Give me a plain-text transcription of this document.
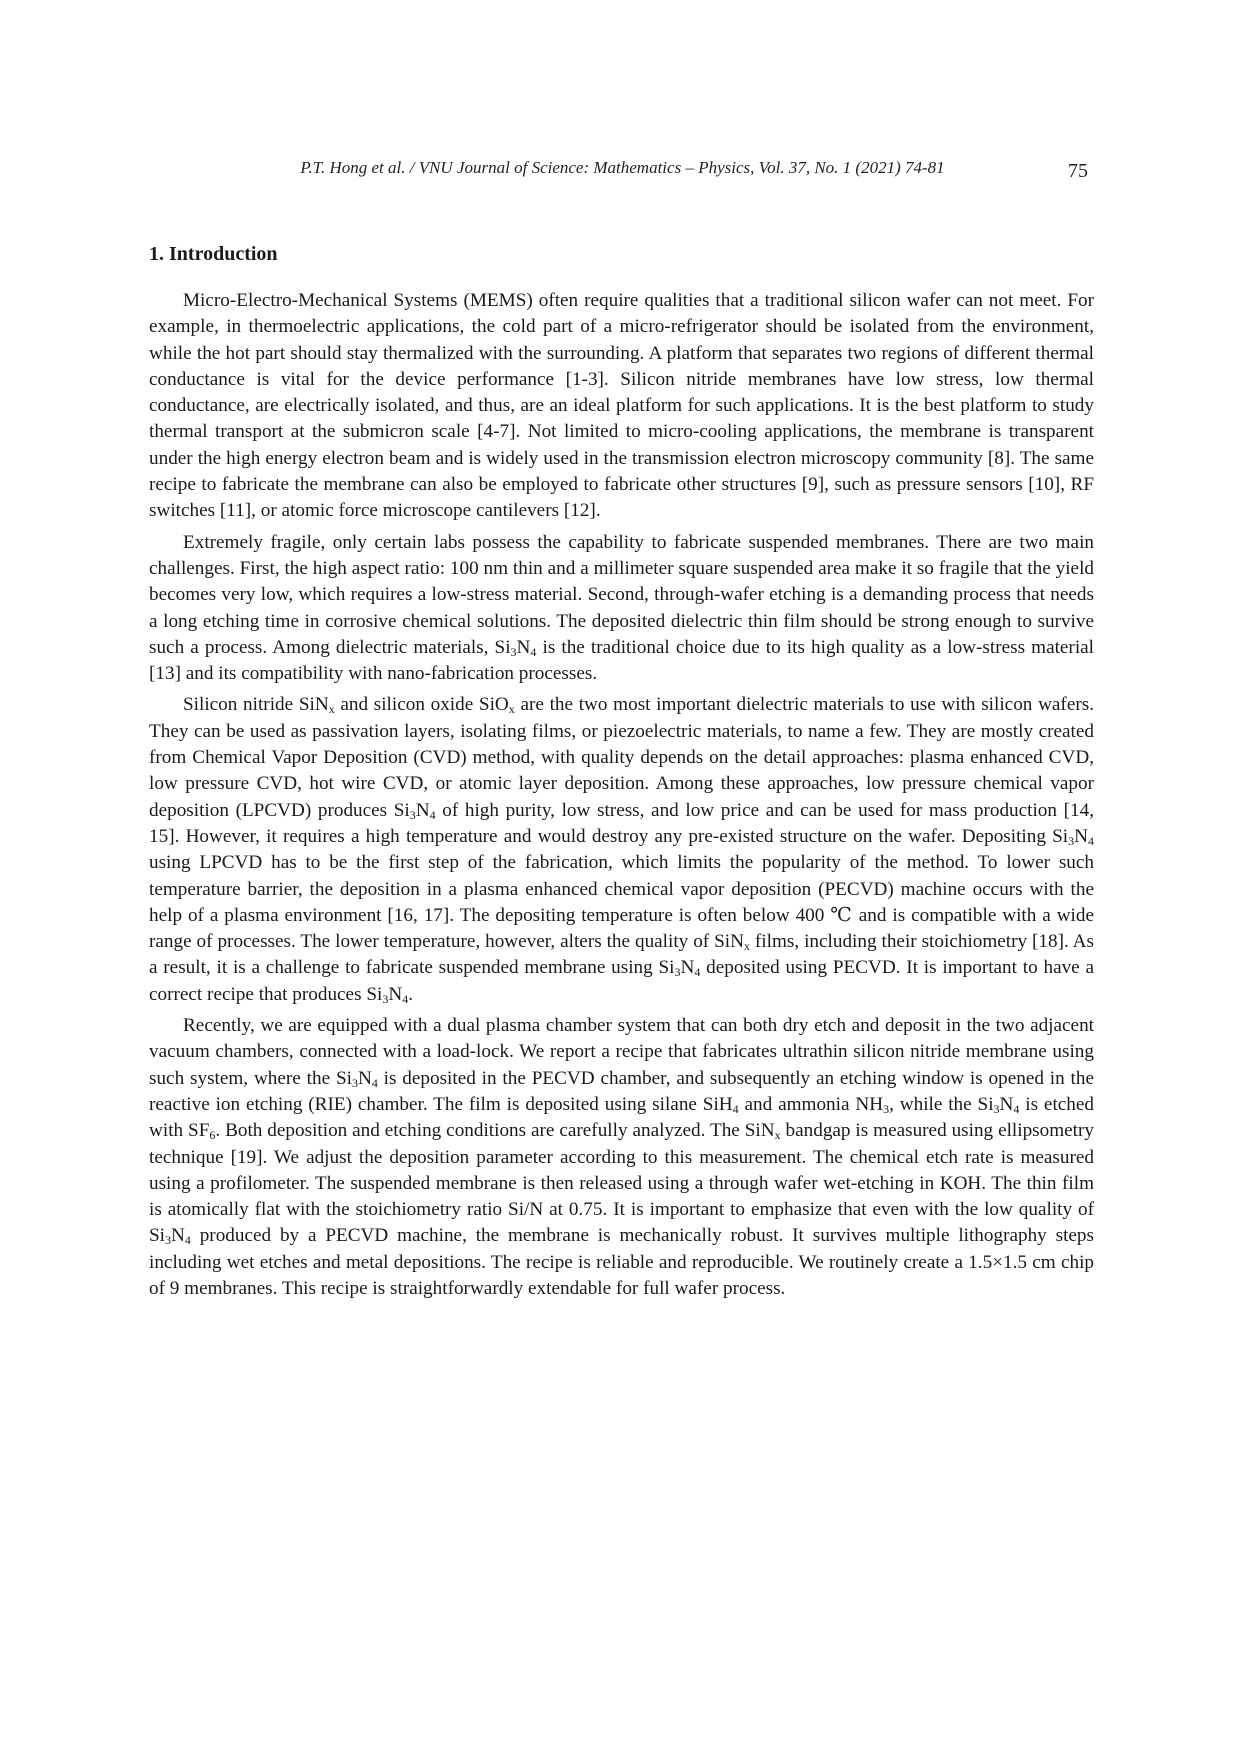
P.T. Hong et al. / VNU Journal of Science: Mathematics – Physics, Vol. 37, No. 1 (2021) 74-81	75
1. Introduction

Micro-Electro-Mechanical Systems (MEMS) often require qualities that a traditional silicon wafer can not meet. For example, in thermoelectric applications, the cold part of a micro-refrigerator should be isolated from the environment, while the hot part should stay thermalized with the surrounding. A platform that separates two regions of different thermal conductance is vital for the device performance [1-3]. Silicon nitride membranes have low stress, low thermal conductance, are electrically isolated, and thus, are an ideal platform for such applications. It is the best platform to study thermal transport at the submicron scale [4-7]. Not limited to micro-cooling applications, the membrane is transparent under the high energy electron beam and is widely used in the transmission electron microscopy community [8]. The same recipe to fabricate the membrane can also be employed to fabricate other structures [9], such as pressure sensors [10], RF switches [11], or atomic force microscope cantilevers [12].

Extremely fragile, only certain labs possess the capability to fabricate suspended membranes. There are two main challenges. First, the high aspect ratio: 100 nm thin and a millimeter square suspended area make it so fragile that the yield becomes very low, which requires a low-stress material. Second, through-wafer etching is a demanding process that needs a long etching time in corrosive chemical solutions. The deposited dielectric thin film should be strong enough to survive such a process. Among dielectric materials, $Si_3N_4$ is the traditional choice due to its high quality as a low-stress material [13] and its compatibility with nano-fabrication processes.

Silicon nitride SiN$_x$ and silicon oxide SiO$_x$ are the two most important dielectric materials to use with silicon wafers. They can be used as passivation layers, isolating films, or piezoelectric materials, to name a few. They are mostly created from Chemical Vapor Deposition (CVD) method, with quality depends on the detail approaches: plasma enhanced CVD, low pressure CVD, hot wire CVD, or atomic layer deposition. Among these approaches, low pressure chemical vapor deposition (LPCVD) produces $Si_3N_4$ of high purity, low stress, and low price and can be used for mass production [14, 15]. However, it requires a high temperature and would destroy any pre-existed structure on the wafer. Depositing $Si_3N_4$ using LPCVD has to be the first step of the fabrication, which limits the popularity of the method. To lower such temperature barrier, the deposition in a plasma enhanced chemical vapor deposition (PECVD) machine occurs with the help of a plasma environment [16, 17]. The depositing temperature is often below 400 ℃ and is compatible with a wide range of processes. The lower temperature, however, alters the quality of SiN$_x$ films, including their stoichiometry [18]. As a result, it is a challenge to fabricate suspended membrane using $Si_3N_4$ deposited using PECVD. It is important to have a correct recipe that produces $Si_3N_4$.

Recently, we are equipped with a dual plasma chamber system that can both dry etch and deposit in the two adjacent vacuum chambers, connected with a load-lock. We report a recipe that fabricates ultrathin silicon nitride membrane using such system, where the $Si_3N_4$ is deposited in the PECVD chamber, and subsequently an etching window is opened in the reactive ion etching (RIE) chamber. The film is deposited using silane SiH$_4$ and ammonia $NH_3$, while the $Si_3N_4$ is etched with $SF_6$. Both deposition and etching conditions are carefully analyzed. The SiN$_x$ bandgap is measured using ellipsometry technique [19]. We adjust the deposition parameter according to this measurement. The chemical etch rate is measured using a profilometer. The suspended membrane is then released using a through wafer wet-etching in KOH. The thin film is atomically flat with the stoichiometry ratio Si/N at 0.75. It is important to emphasize that even with the low quality of $Si_3N_4$ produced by a PECVD machine, the membrane is mechanically robust. It survives multiple lithography steps including wet etches and metal depositions. The recipe is reliable and reproducible. We routinely create a 1.5×1.5 cm chip of 9 membranes. This recipe is straightforwardly extendable for full wafer process.
